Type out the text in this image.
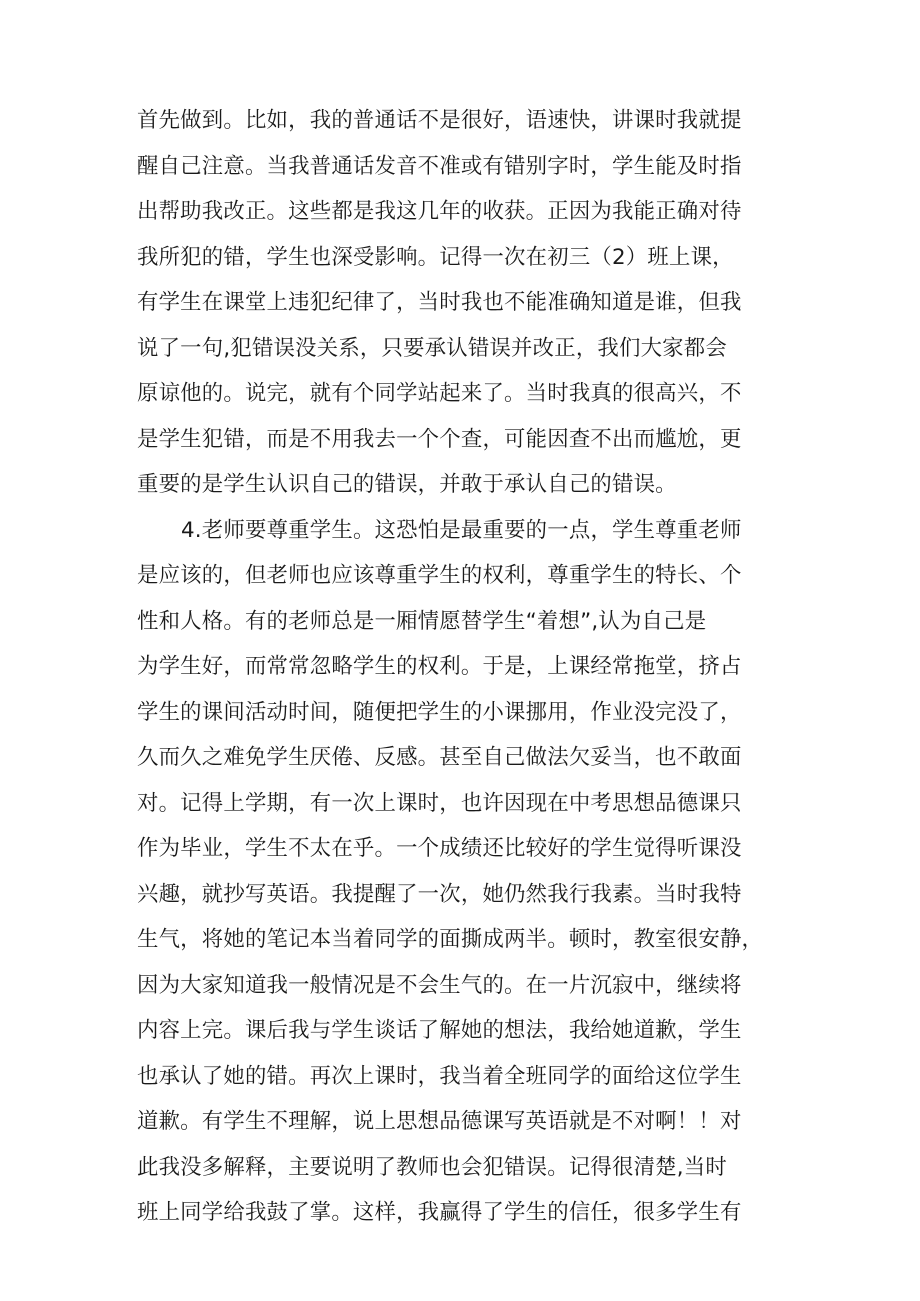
首先做到。比如，我的普通话不是很好，语速快，讲课时我就提
醒自己注意。当我普通话发音不准或有错别字时，学生能及时指
出帮助我改正。这些都是我这几年的收获。正因为我能正确对待
我所犯的错，学生也深受影响。记得一次在初三（2）班上课，
有学生在课堂上违犯纪律了，当时我也不能准确知道是谁，但我
说了一句,犯错误没关系，只要承认错误并改正，我们大家都会
原谅他的。说完，就有个同学站起来了。当时我真的很高兴，不
是学生犯错，而是不用我去一个个查，可能因查不出而尴尬，更
重要的是学生认识自己的错误，并敢于承认自己的错误。
4.老师要尊重学生。这恐怕是最重要的一点，学生尊重老师
是应该的，但老师也应该尊重学生的权利，尊重学生的特长、个
性和人格。有的老师总是一厢情愿替学生“着想”,认为自己是
为学生好，而常常忽略学生的权利。于是，上课经常拖堂，挤占
学生的课间活动时间，随便把学生的小课挪用，作业没完没了，
久而久之难免学生厌倦、反感。甚至自己做法欠妥当，也不敢面
对。记得上学期，有一次上课时，也许因现在中考思想品德课只
作为毕业，学生不太在乎。一个成绩还比较好的学生觉得听课没
兴趣，就抄写英语。我提醒了一次，她仍然我行我素。当时我特
生气，将她的笔记本当着同学的面撕成两半。顿时，教室很安静，
因为大家知道我一般情况是不会生气的。在一片沉寂中，继续将
内容上完。课后我与学生谈话了解她的想法，我给她道歉，学生
也承认了她的错。再次上课时，我当着全班同学的面给这位学生
道歉。有学生不理解，说上思想品德课写英语就是不对啊！！对
此我没多解释，主要说明了教师也会犯错误。记得很清楚,当时
班上同学给我鼓了掌。这样，我赢得了学生的信任，很多学生有
